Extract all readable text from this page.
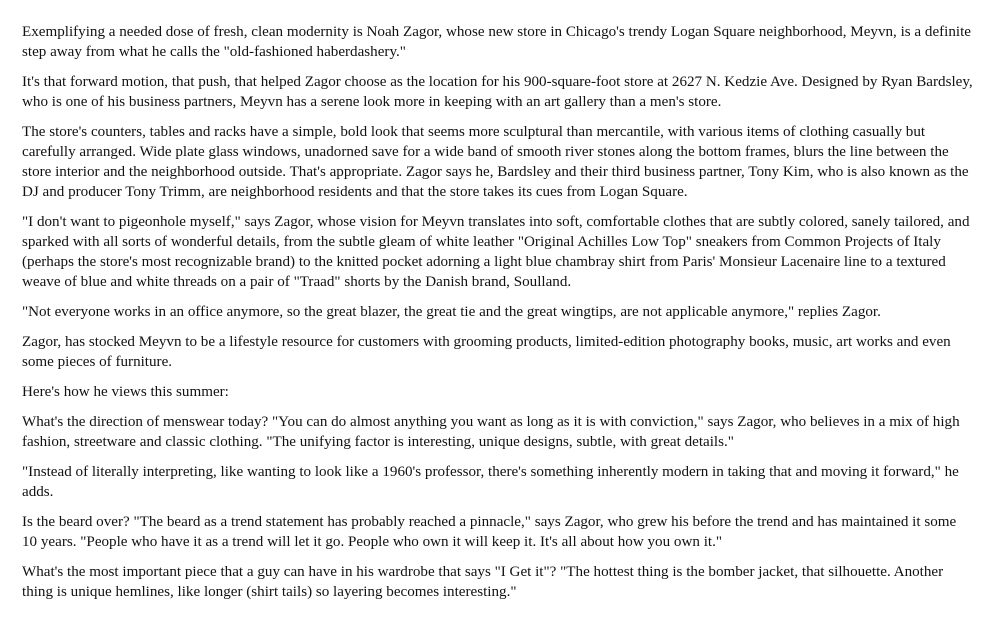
Exemplifying a needed dose of fresh, clean modernity is Noah Zagor, whose new store in Chicago's trendy Logan Square neighborhood, Meyvn, is a definite step away from what he calls the "old-fashioned haberdashery."

It's that forward motion, that push, that helped Zagor choose as the location for his 900-square-foot store at 2627 N. Kedzie Ave. Designed by Ryan Bardsley, who is one of his business partners, Meyvn has a serene look more in keeping with an art gallery than a men's store.

The store's counters, tables and racks have a simple, bold look that seems more sculptural than mercantile, with various items of clothing casually but carefully arranged. Wide plate glass windows, unadorned save for a wide band of smooth river stones along the bottom frames, blurs the line between the store interior and the neighborhood outside. That's appropriate. Zagor says he, Bardsley and their third business partner, Tony Kim, who is also known as the DJ and producer Tony Trimm, are neighborhood residents and that the store takes its cues from Logan Square.

"I don't want to pigeonhole myself," says Zagor, whose vision for Meyvn translates into soft, comfortable clothes that are subtly colored, sanely tailored, and sparked with all sorts of wonderful details, from the subtle gleam of white leather "Original Achilles Low Top" sneakers from Common Projects of Italy (perhaps the store's most recognizable brand) to the knitted pocket adorning a light blue chambray shirt from Paris' Monsieur Lacenaire line to a textured weave of blue and white threads on a pair of "Traad" shorts by the Danish brand, Soulland.

"Not everyone works in an office anymore, so the great blazer, the great tie and the great wingtips, are not applicable anymore," replies Zagor.

Zagor, has stocked Meyvn to be a lifestyle resource for customers with grooming products, limited-edition photography books, music, art works and even some pieces of furniture.

Here's how he views this summer:

What's the direction of menswear today? "You can do almost anything you want as long as it is with conviction," says Zagor, who believes in a mix of high fashion, streetware and classic clothing. "The unifying factor is interesting, unique designs, subtle, with great details."

"Instead of literally interpreting, like wanting to look like a 1960's professor, there's something inherently modern in taking that and moving it forward," he adds.

Is the beard over? "The beard as a trend statement has probably reached a pinnacle," says Zagor, who grew his before the trend and has maintained it some 10 years. "People who have it as a trend will let it go. People who own it will keep it. It's all about how you own it."

What's the most important piece that a guy can have in his wardrobe that says "I Get it"? "The hottest thing is the bomber jacket, that silhouette. Another thing is unique hemlines, like longer (shirt tails) so layering becomes interesting."
